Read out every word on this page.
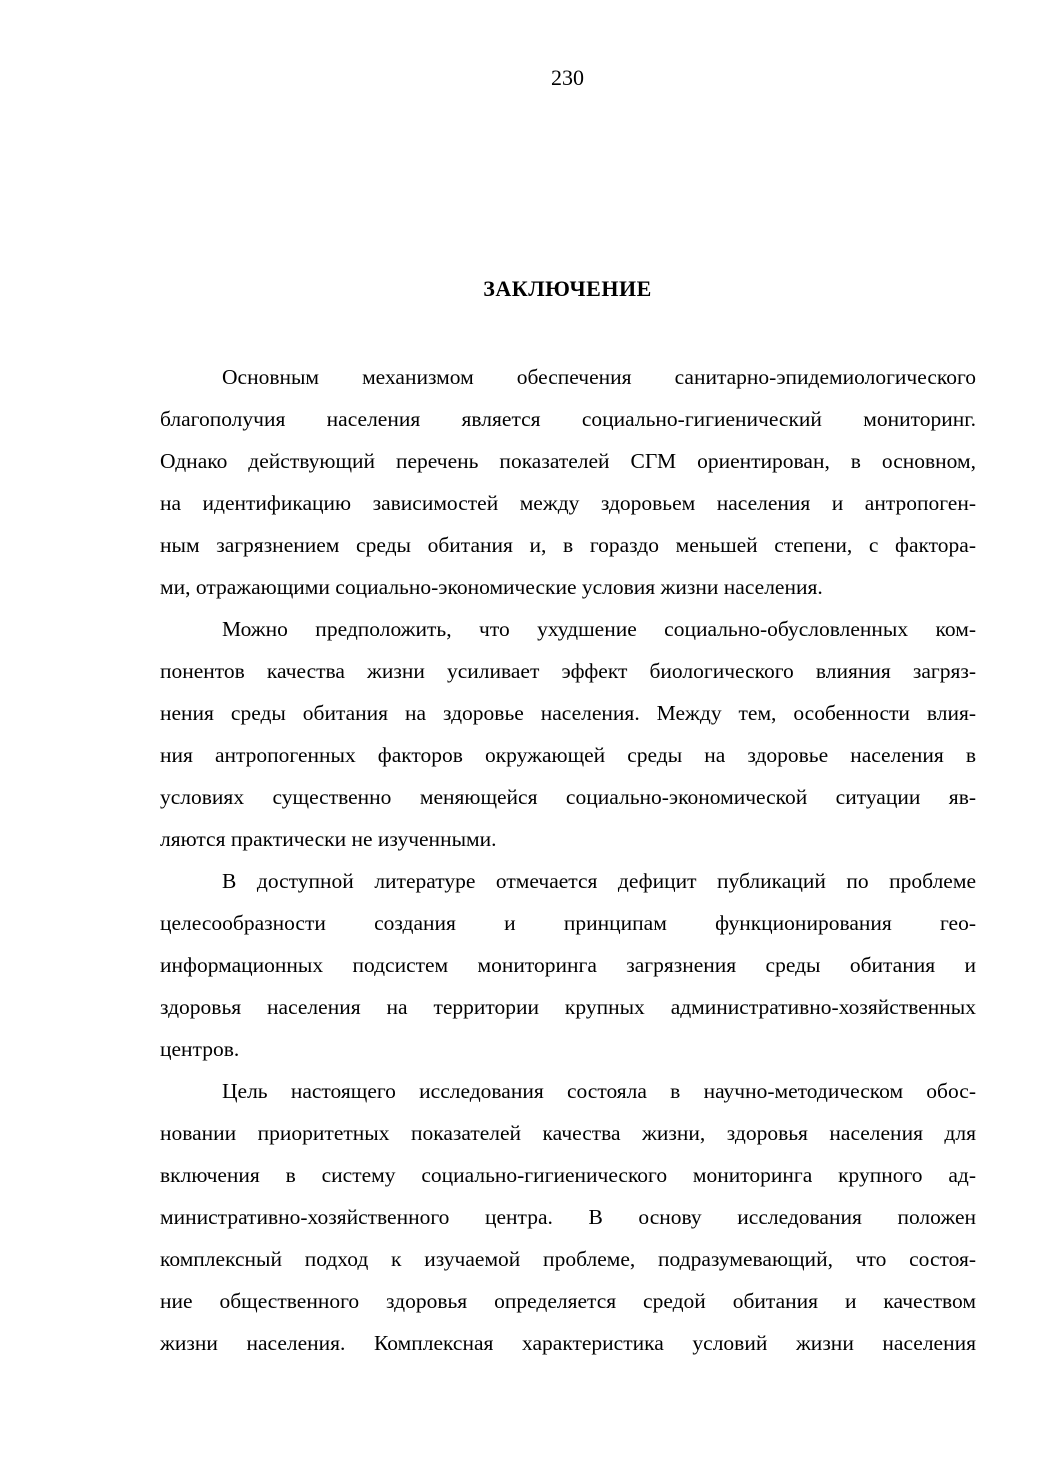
230
ЗАКЛЮЧЕНИЕ
Основным механизмом обеспечения санитарно-эпидемиологического
благополучия населения является социально-гигиенический мониторинг.
Однако действующий перечень показателей СГМ ориентирован, в основном,
на идентификацию зависимостей между здоровьем населения и антропоген-
ным загрязнением среды обитания и, в гораздо меньшей степени, с фактора-
ми, отражающими социально-экономические условия жизни населения.
Можно предположить, что ухудшение социально-обусловленных ком-
понентов качества жизни усиливает эффект биологического влияния загряз-
нения среды обитания на здоровье населения. Между тем, особенности влия-
ния антропогенных факторов окружающей среды на здоровье населения в
условиях существенно меняющейся социально-экономической ситуации яв-
ляются практически не изученными.
В доступной литературе отмечается дефицит публикаций по проблеме
целесообразности создания и принципам функционирования гео-
информационных подсистем мониторинга загрязнения среды обитания и
здоровья населения на территории крупных административно-хозяйственных
центров.
Цель настоящего исследования состояла в научно-методическом обос-
новании приоритетных показателей качества жизни, здоровья населения для
включения в систему социально-гигиенического мониторинга крупного ад-
министративно-хозяйственного центра. В основу исследования положен
комплексный подход к изучаемой проблеме, подразумевающий, что состоя-
ние общественного здоровья определяется средой обитания и качеством
жизни населения. Комплексная характеристика условий жизни населения
